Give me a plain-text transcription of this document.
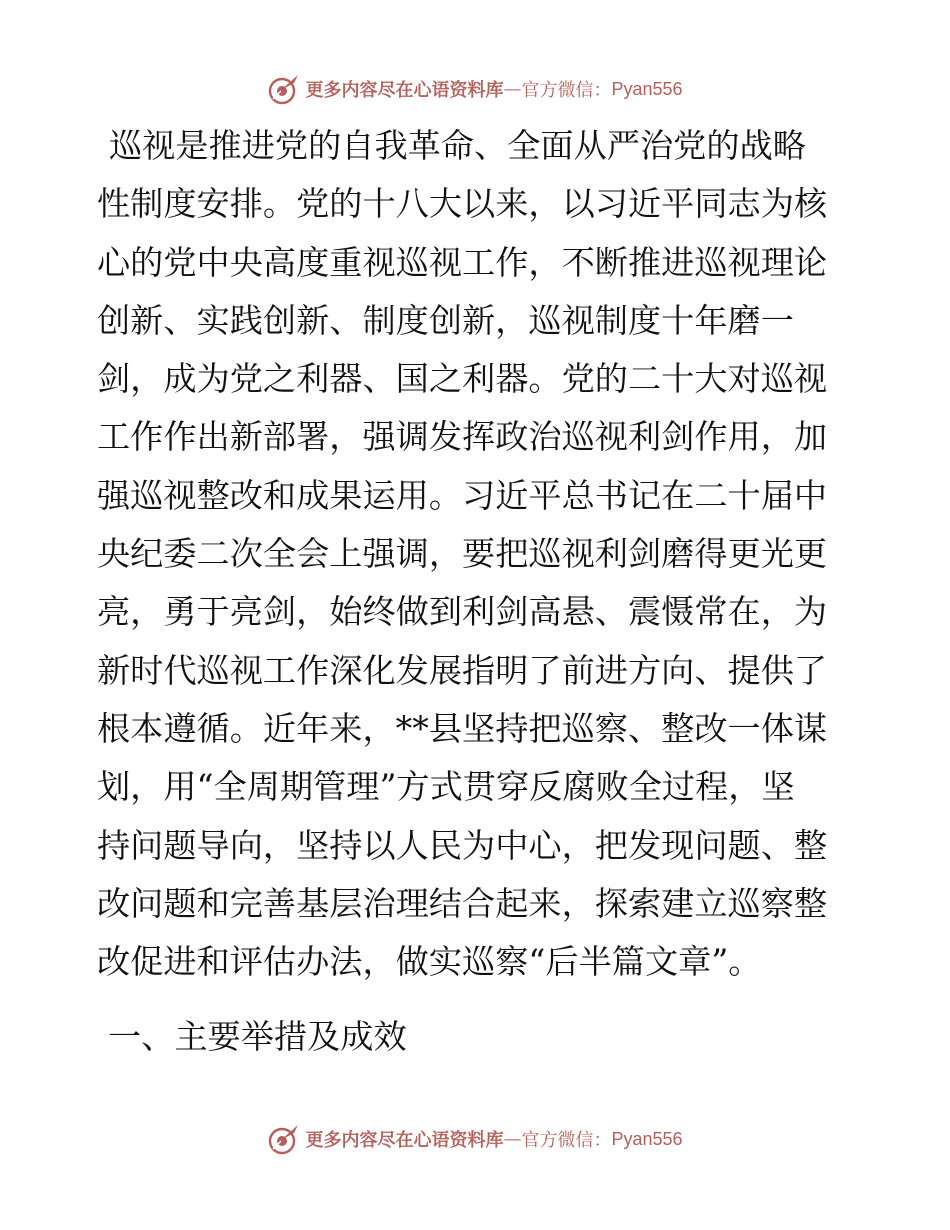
更多内容尽在心语资料库 — 官方微信： Pyan556
巡视是推进党的自我革命、全面从严治党的战略
性制度安排。党的十八大以来，以习近平同志为核
心的党中央高度重视巡视工作，不断推进巡视理论
创新、实践创新、制度创新，巡视制度十年磨一
剑，成为党之利器、国之利器。党的二十大对巡视
工作作出新部署，强调发挥政治巡视利剑作用，加
强巡视整改和成果运用。习近平总书记在二十届中
央纪委二次全会上强调，要把巡视利剑磨得更光更
亮，勇于亮剑，始终做到利剑高悬、震慑常在，为
新时代巡视工作深化发展指明了前进方向、提供了
根本遵循。近年来，**县坚持把巡察、整改一体谋
划，用“全周期管理”方式贯穿反腐败全过程，坚
持问题导向，坚持以人民为中心，把发现问题、整
改问题和完善基层治理结合起来，探索建立巡察整
改促进和评估办法，做实巡察“后半篇文章”。
一、主要举措及成效
更多内容尽在心语资料库 — 官方微信： Pyan556
